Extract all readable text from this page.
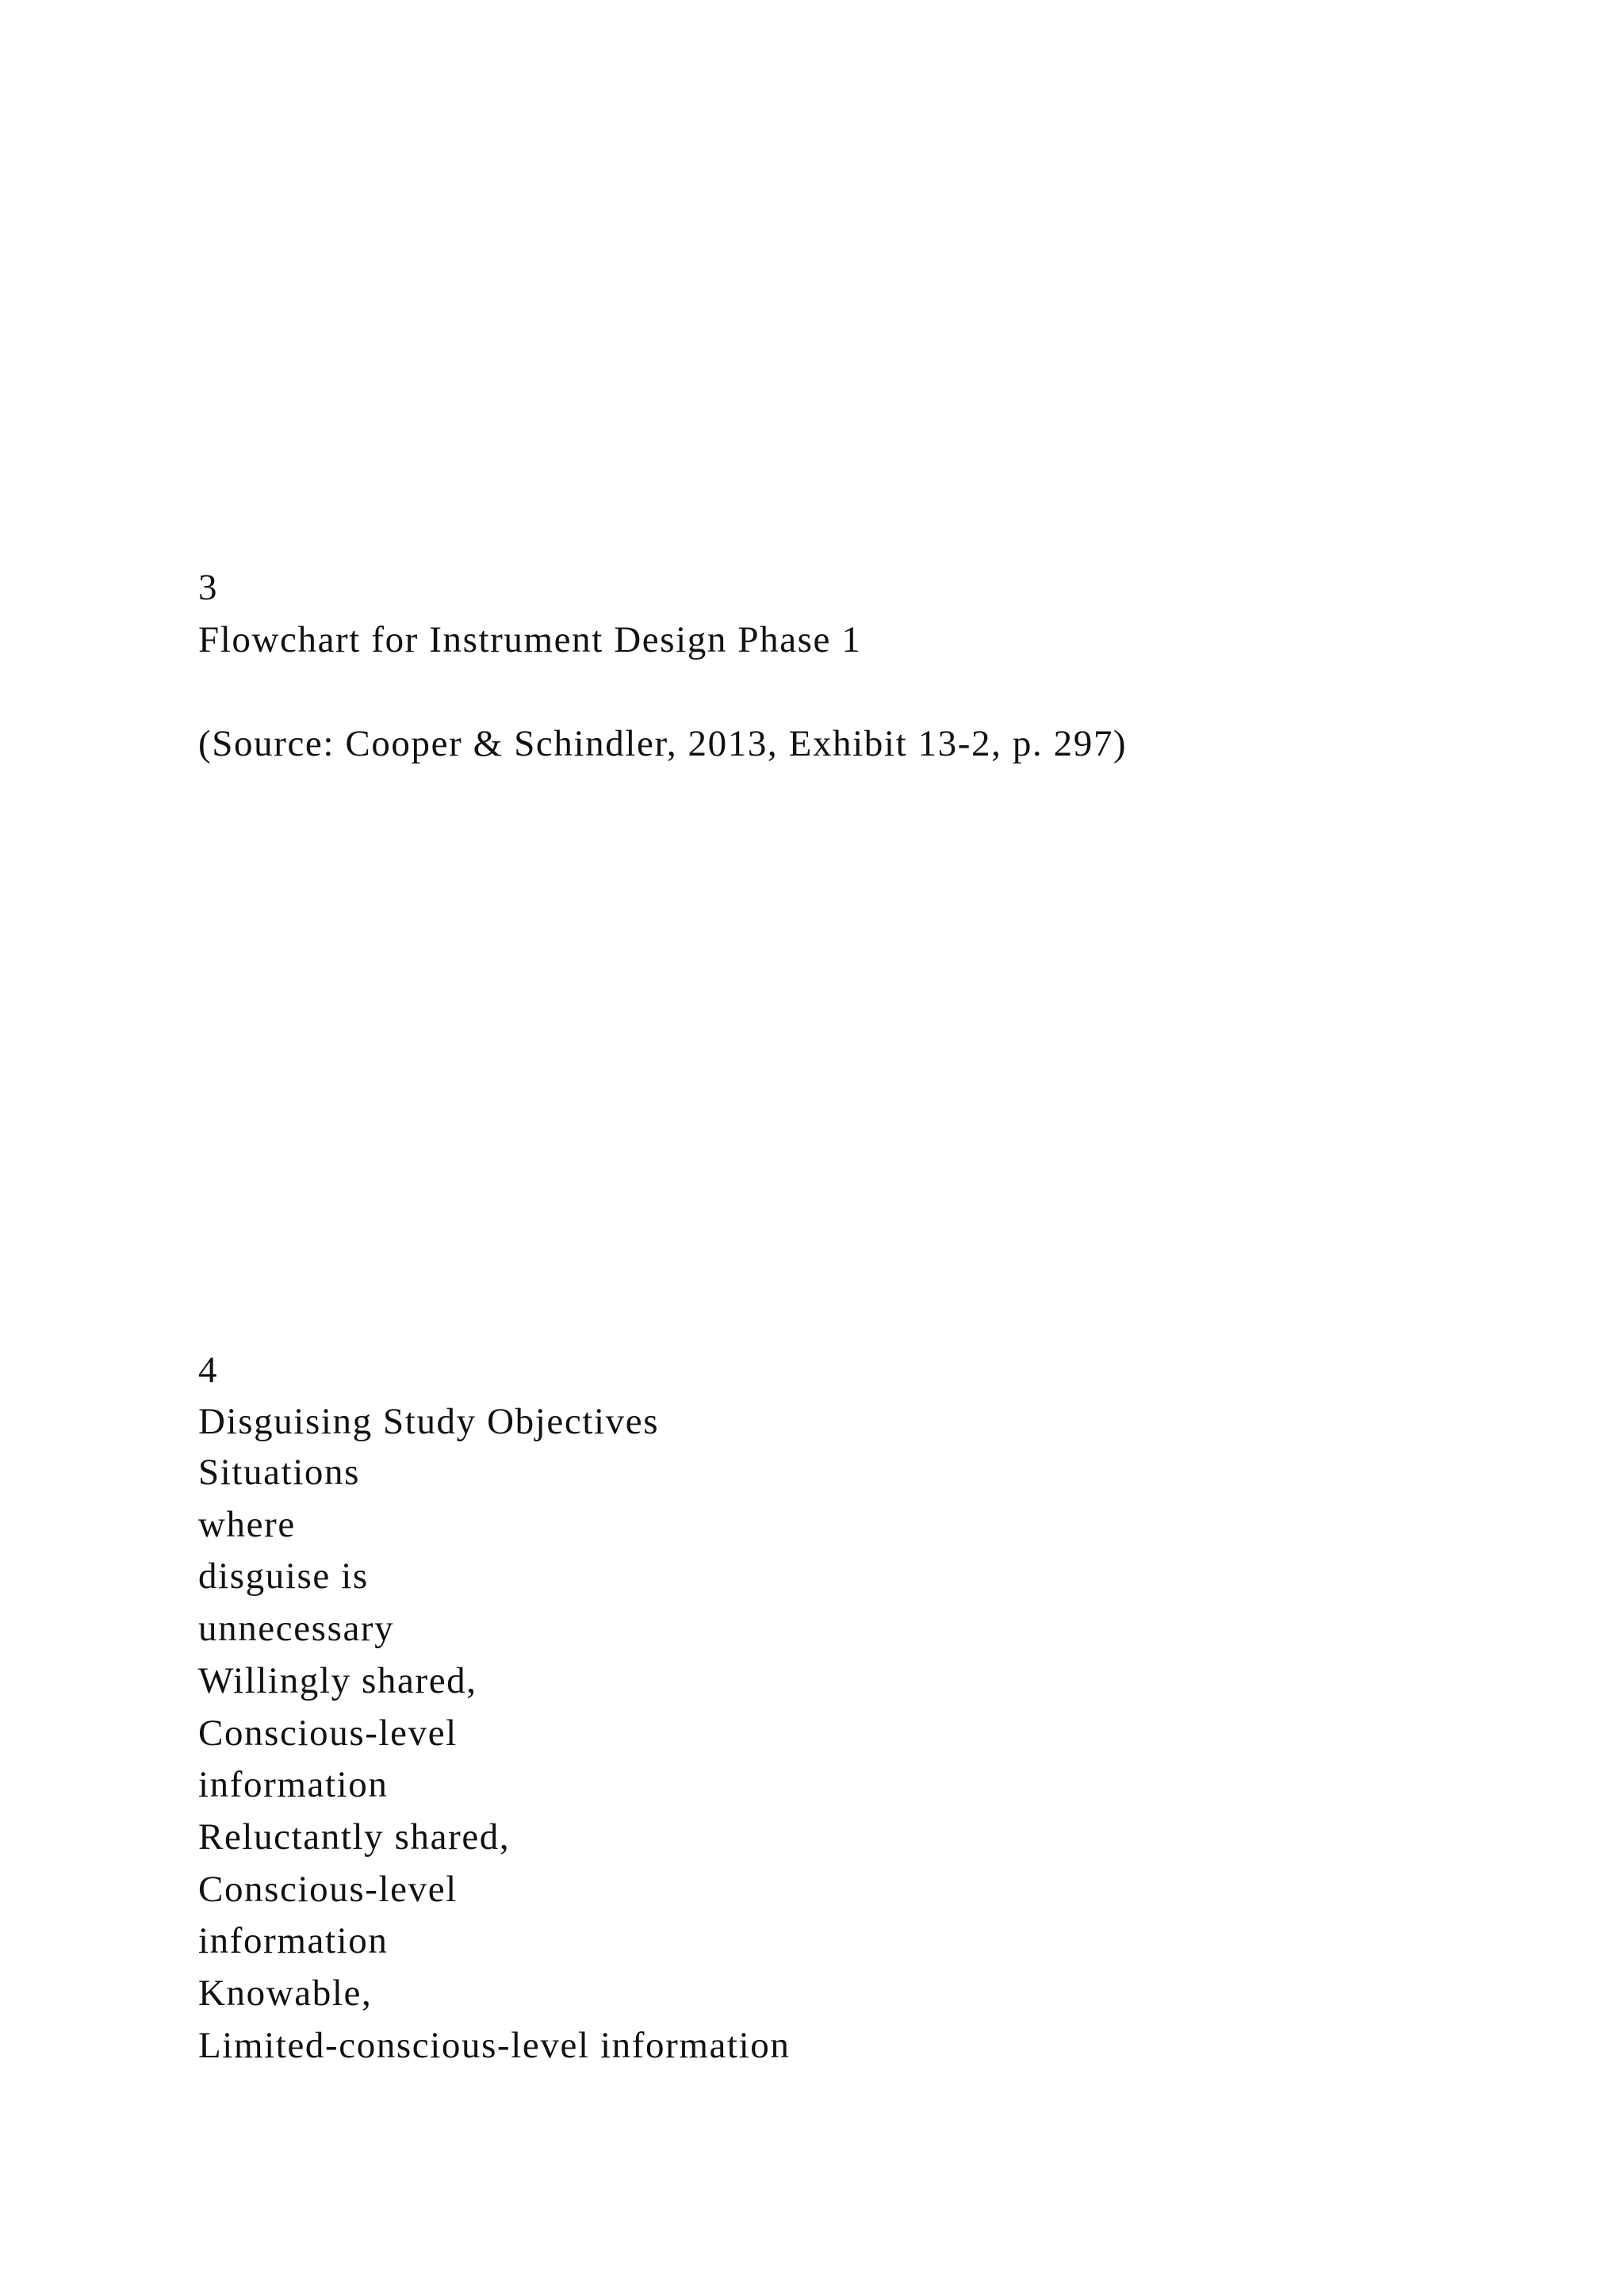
3

Flowchart for Instrument Design Phase 1

(Source: Cooper & Schindler, 2013, Exhibit 13-2, p. 297)

4

Disguising Study Objectives

Situations
where
disguise is
unnecessary
Willingly shared,
Conscious-level
information
Reluctantly shared,
Conscious-level
information
Knowable,
Limited-conscious-level information
